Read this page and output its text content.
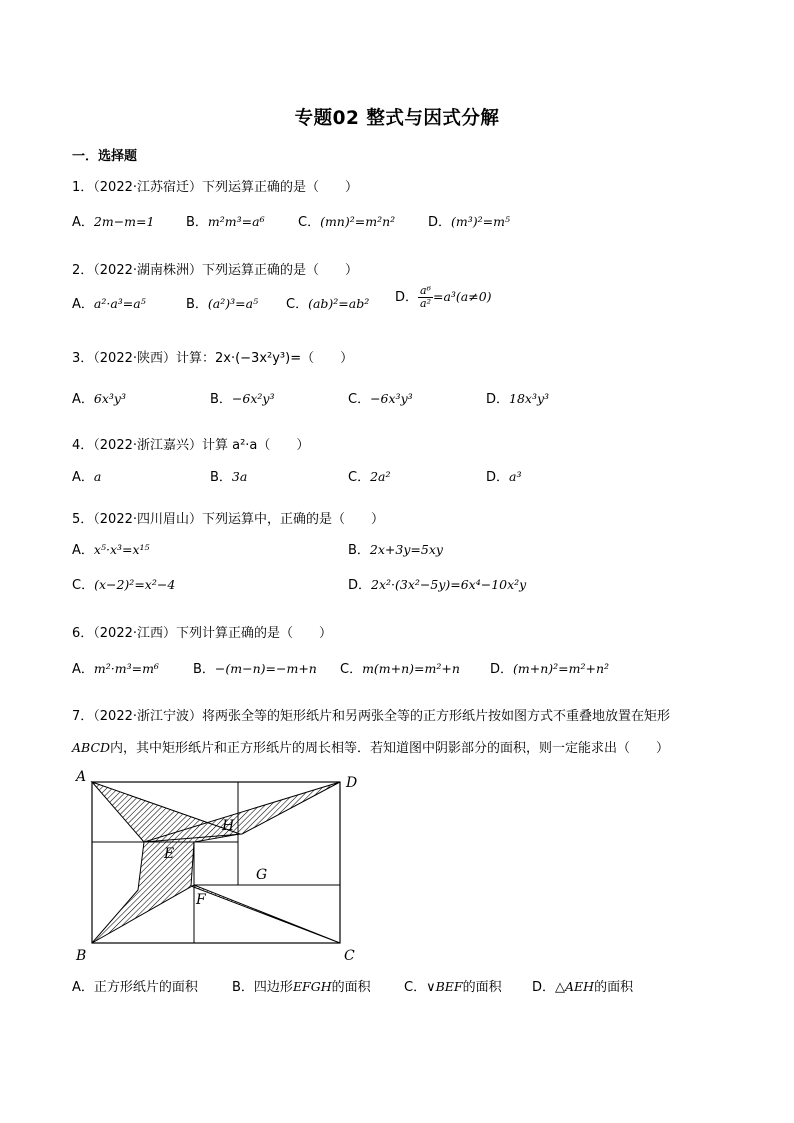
专题02 整式与因式分解
一．选择题
1．（2022·江苏宿迁）下列运算正确的是（　　）
A．2m−m=1 B．m²m³=a⁶	C．(mn)²=m²n²	D．(m³)²=m⁵
2．（2022·湖南株洲）下列运算正确的是（　　）
A．a²·a³=a⁵	B．(a²)³=a⁵ C．(ab)²=ab² D． $\frac{\text{a⁶}}{\text{a²}} =a^3(a\ne 0)$
3．（2022·陕西）计算：2x·(−3x²y³)=（　　）
A．6x³y³	B．−6x²y³	C．−6x³y³	D．18x³y³
4．（2022·浙江嘉兴）计算 a²·a（　　）
A．a	B．3a	C．2a²	D．a³
5．（2022·四川眉山）下列运算中，正确的是（　　）
A．x⁵·x³=x¹⁵	B．2x+3y=5xy
C．(x−2)²=x²−4	D．2x²·(3x²−5y)=6x⁴−10x²y
6．（2022·江西）下列计算正确的是（　　）
A．m²·m³=m⁶	B．−(m−n)=−m+n C．m(m+n)=m²+n D．(m+n)²=m²+n²
7．（2022·浙江宁波）将两张全等的矩形纸片和另两张全等的正方形纸片按如图方式不重叠地放置在矩形
ABCD内，其中矩形纸片和正方形纸片的周长相等．若知道图中阴影部分的面积，则一定能求出（　　）
A	D
B	C
H
E
G
F
A．正方形纸片的面积	B．四边形EFGH的面积	C．∨BEF的面积 D．△AEH的面积
